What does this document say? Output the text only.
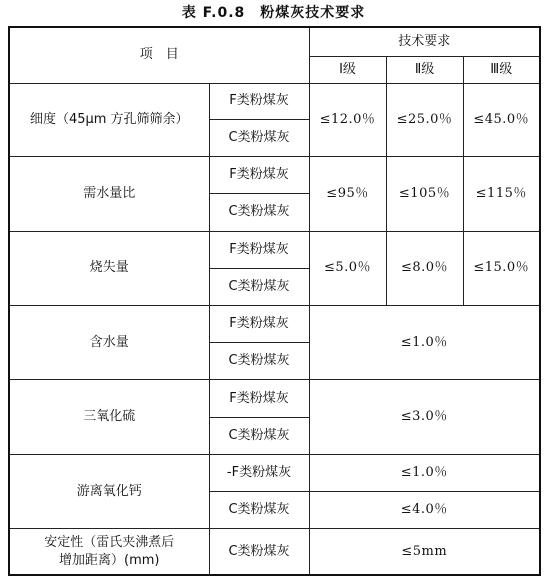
表 F.0.8　粉煤灰技术要求
项　目		技术要求		
		Ⅰ级	Ⅱ级	Ⅲ级
细度（45μm 方孔筛筛余）	F类粉煤灰	≤12.0％	≤25.0％	≤45.0％
	C类粉煤灰			
需水量比	F类粉煤灰	≤95％	≤105％	≤115％
	C类粉煤灰			
烧失量	F类粉煤灰	≤5.0％	≤8.0％	≤15.0％
	C类粉煤灰			
含水量	F类粉煤灰	≤1.0％		
	C类粉煤灰			
三氧化硫	F类粉煤灰	≤3.0％		
	C类粉煤灰			
游离氧化钙	-F类粉煤灰	≤1.0％		
	C类粉煤灰	≤4.0％		
安定性（雷氏夹沸煮后
增加距离）(mm)	C类粉煤灰	≤5mm		
